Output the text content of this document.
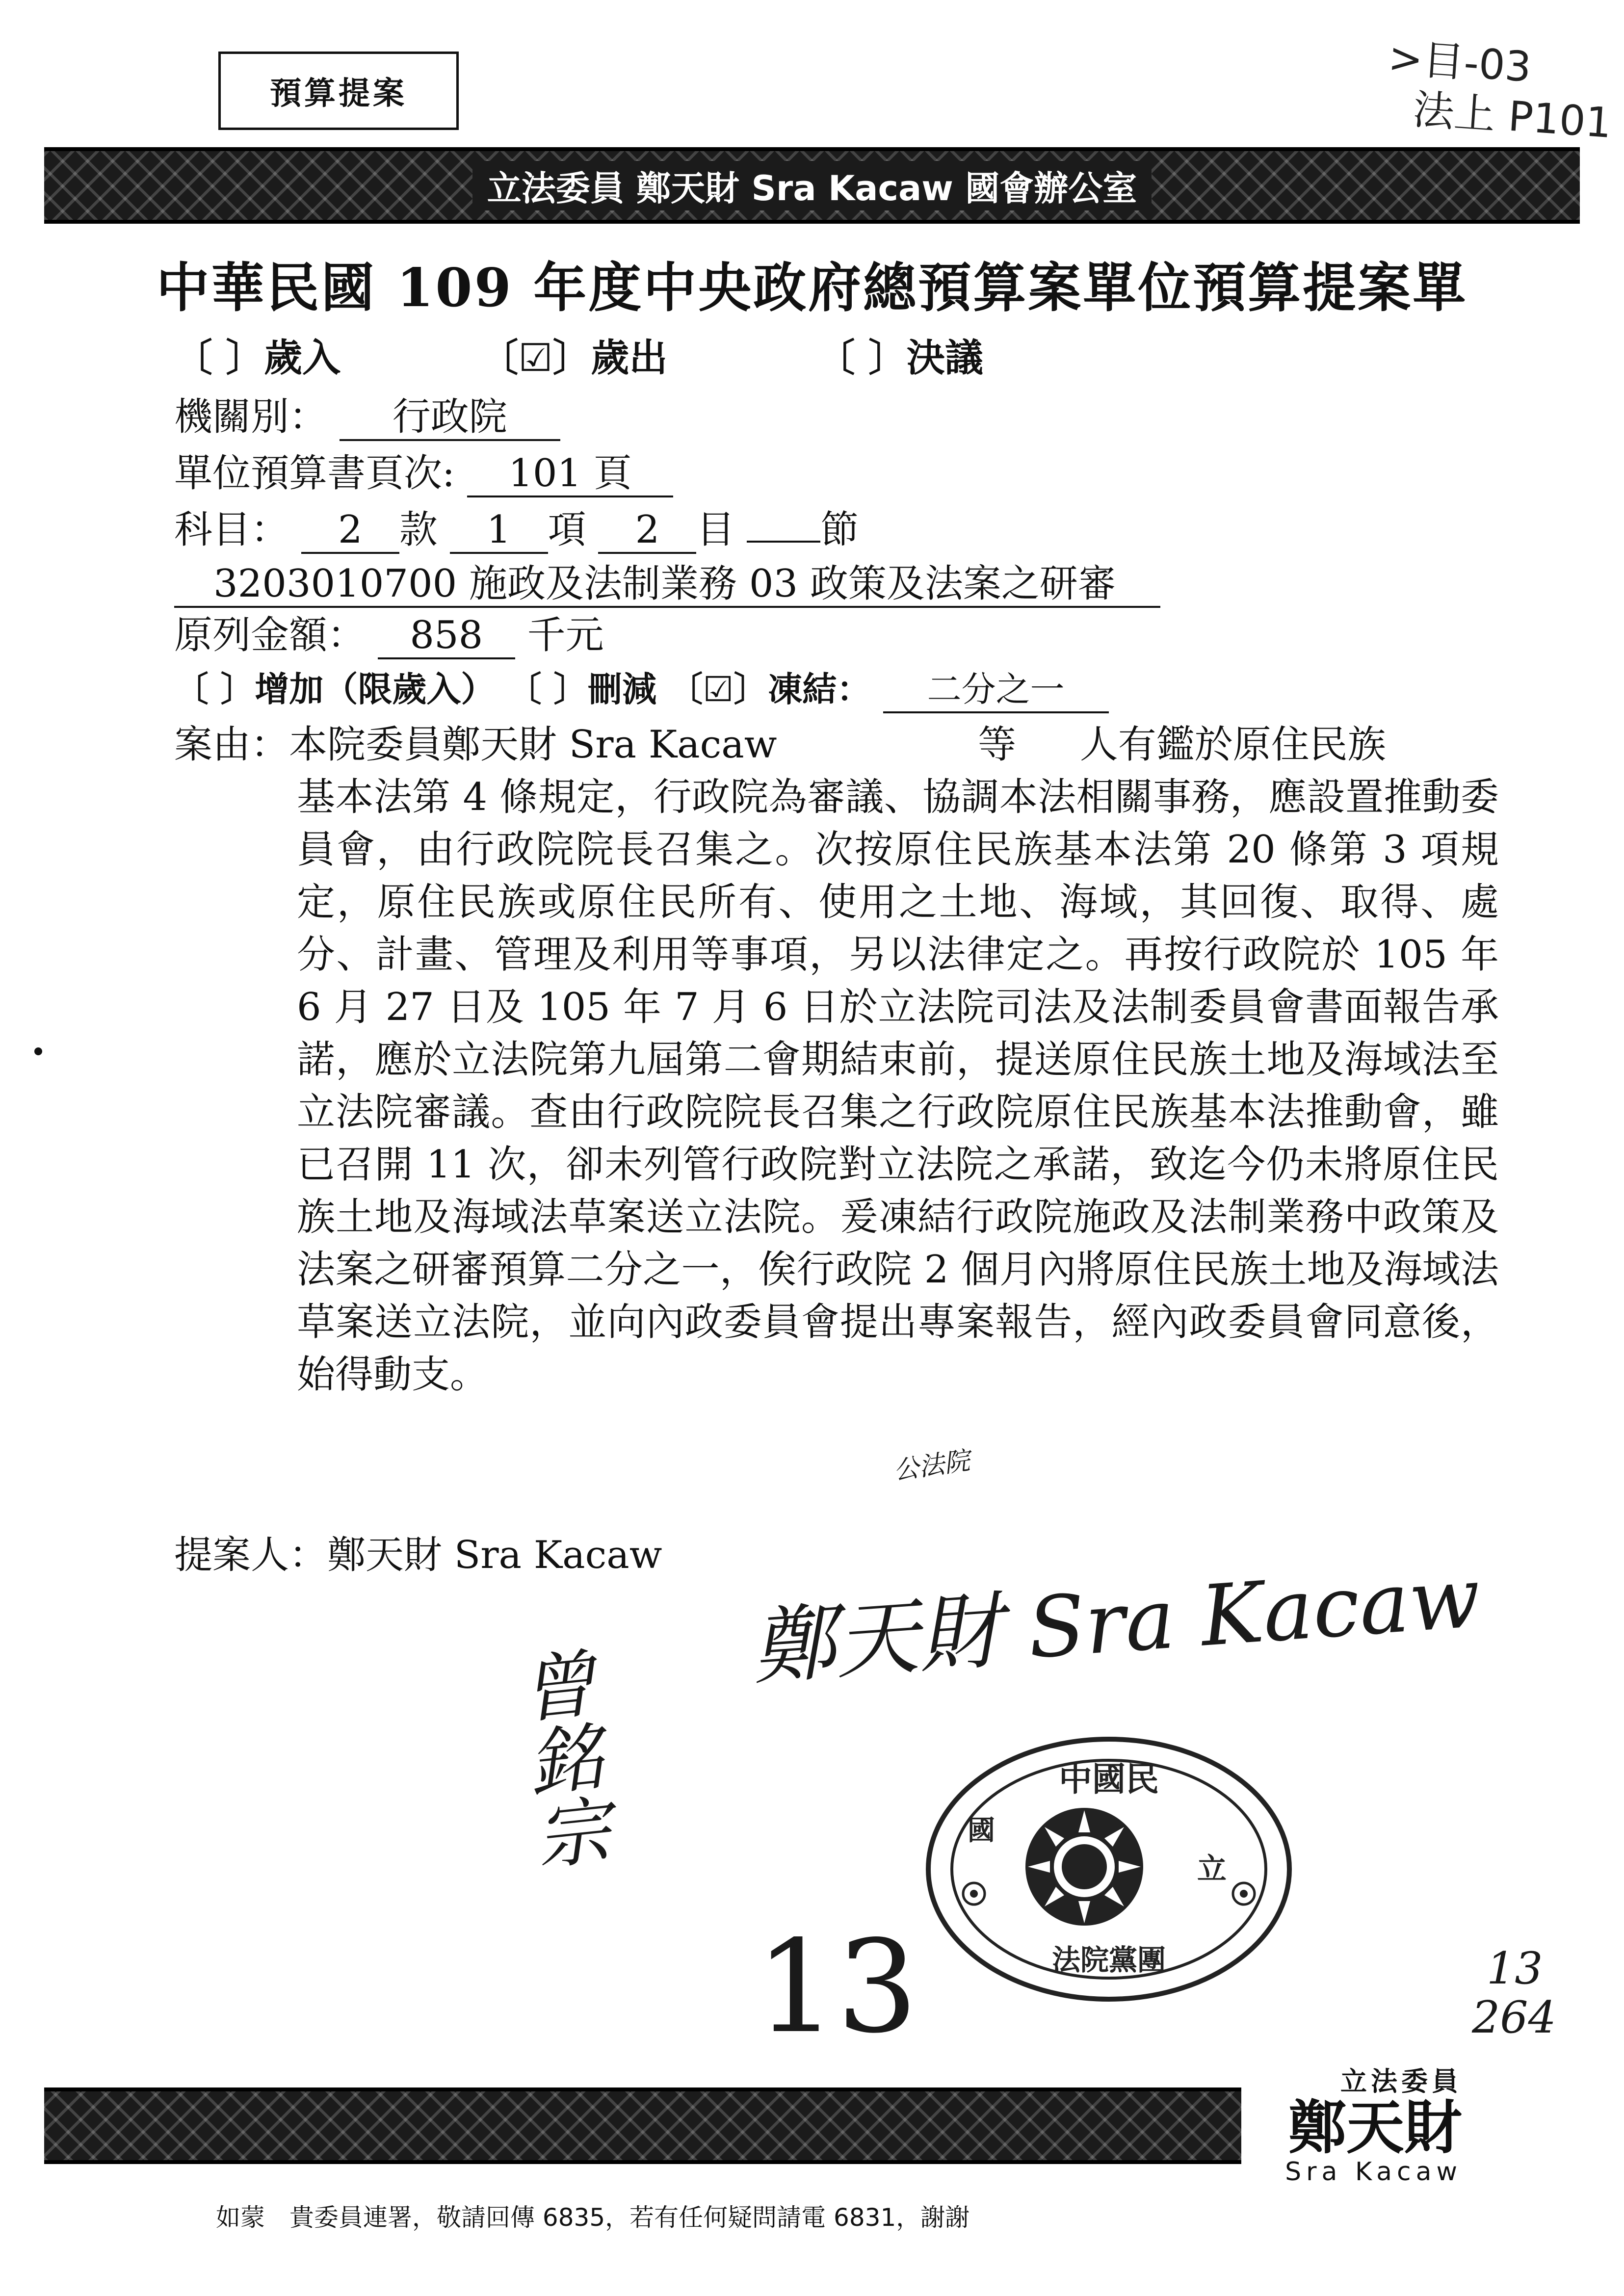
預算提案
>目-03
法上 P101
立法委員 鄭天財 Sra Kacaw 國會辦公室
中華民國 109 年度中央政府總預算案單位預算提案單
〔 〕歲入	〔☑〕歲出	〔 〕決議
機關別： 行政院
單位預算書頁次: 101 頁
科目： 2 款 1 項 2 目 節
3203010700 施政及法制業務 03 政策及法案之研審
原列金額： 858 千元
〔 〕增加（限歲入） 〔 〕刪減 〔☑〕凍結： 二分之一
案由：本院委員鄭天財 Sra Kacaw	等 人有鑑於原住民族
基本法第 4 條規定，行政院為審議、協調本法相關事務，應設置推動委員會，由行政院院長召集之。次按原住民族基本法第 20 條第 3 項規定，原住民族或原住民所有、使用之土地、海域，其回復、取得、處分、計畫、管理及利用等事項，另以法律定之。再按行政院於 105 年 6 月 27 日及 105 年 7 月 6 日於立法院司法及法制委員會書面報告承諾，應於立法院第九屆第二會期結束前，提送原住民族土地及海域法至立法院審議。查由行政院院長召集之行政院原住民族基本法推動會，雖已召開 11 次，卻未列管行政院對立法院之承諾，致迄今仍未將原住民族土地及海域法草案送立法院。爰凍結行政院施政及法制業務中政策及法案之研審預算二分之一，俟行政院 2 個月內將原住民族土地及海域法草案送立法院，並向內政委員會提出專案報告，經內政委員會同意後，始得動支。
公法院
提案人：鄭天財 Sra Kacaw 鄭天財 Sra Kacaw
曾銘宗
13	13
264
中國民
立
法院黨團
國
立法委員
鄭天財
Sra Kacaw
如蒙　貴委員連署，敬請回傳 6835，若有任何疑問請電 6831，謝謝
